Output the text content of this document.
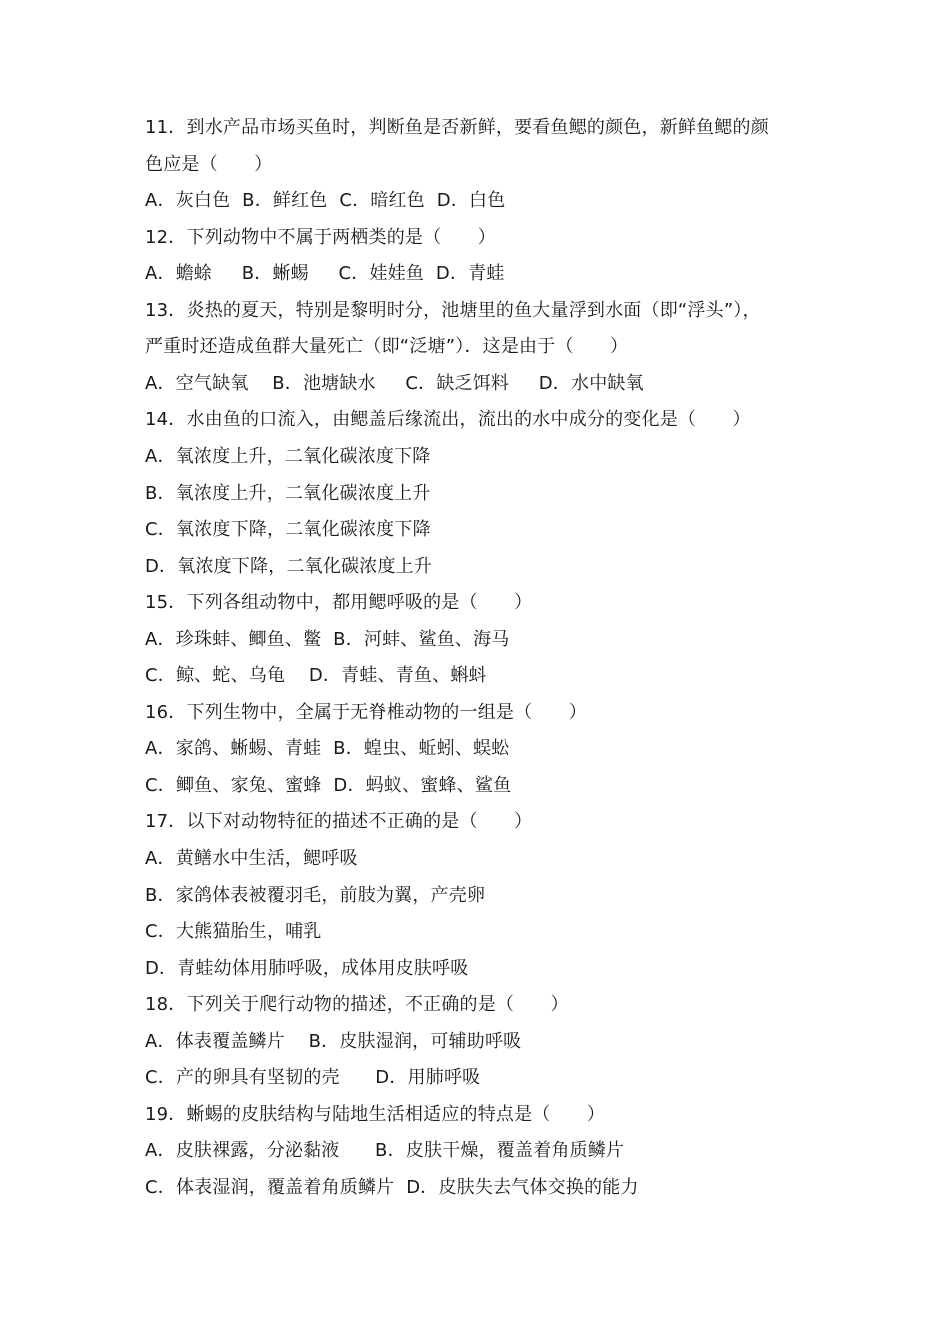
11．到水产品市场买鱼时，判断鱼是否新鲜，要看鱼鳃的颜色，新鲜鱼鳃的颜
色应是（　　）
A．灰白色  B．鲜红色  C．暗红色  D．白色
12．下列动物中不属于两栖类的是（　　）
A．蟾蜍     B．蜥蜴     C．娃娃鱼  D．青蛙
13．炎热的夏天，特别是黎明时分，池塘里的鱼大量浮到水面（即“浮头”），
严重时还造成鱼群大量死亡（即“泛塘”）．这是由于（　　）
A．空气缺氧    B．池塘缺水     C．缺乏饵料     D．水中缺氧
14．水由鱼的口流入，由鳃盖后缘流出，流出的水中成分的变化是（　　）
A．氧浓度上升，二氧化碳浓度下降
B．氧浓度上升，二氧化碳浓度上升
C．氧浓度下降，二氧化碳浓度下降
D．氧浓度下降，二氧化碳浓度上升
15．下列各组动物中，都用鳃呼吸的是（　　）
A．珍珠蚌、鲫鱼、鳖  B．河蚌、鲨鱼、海马
C．鲸、蛇、乌龟    D．青蛙、青鱼、蝌蚪
16．下列生物中，全属于无脊椎动物的一组是（　　）
A．家鸽、蜥蜴、青蛙  B．蝗虫、蚯蚓、蜈蚣
C．鲫鱼、家兔、蜜蜂  D．蚂蚁、蜜蜂、鲨鱼
17．以下对动物特征的描述不正确的是（　　）
A．黄鳝水中生活，鳃呼吸
B．家鸽体表被覆羽毛，前肢为翼，产壳卵
C．大熊猫胎生，哺乳
D．青蛙幼体用肺呼吸，成体用皮肤呼吸
18．下列关于爬行动物的描述，不正确的是（　　）
A．体表覆盖鳞片    B．皮肤湿润，可辅助呼吸
C．产的卵具有坚韧的壳      D．用肺呼吸
19．蜥蜴的皮肤结构与陆地生活相适应的特点是（　　）
A．皮肤裸露，分泌黏液      B．皮肤干燥，覆盖着角质鳞片
C．体表湿润，覆盖着角质鳞片  D．皮肤失去气体交换的能力
